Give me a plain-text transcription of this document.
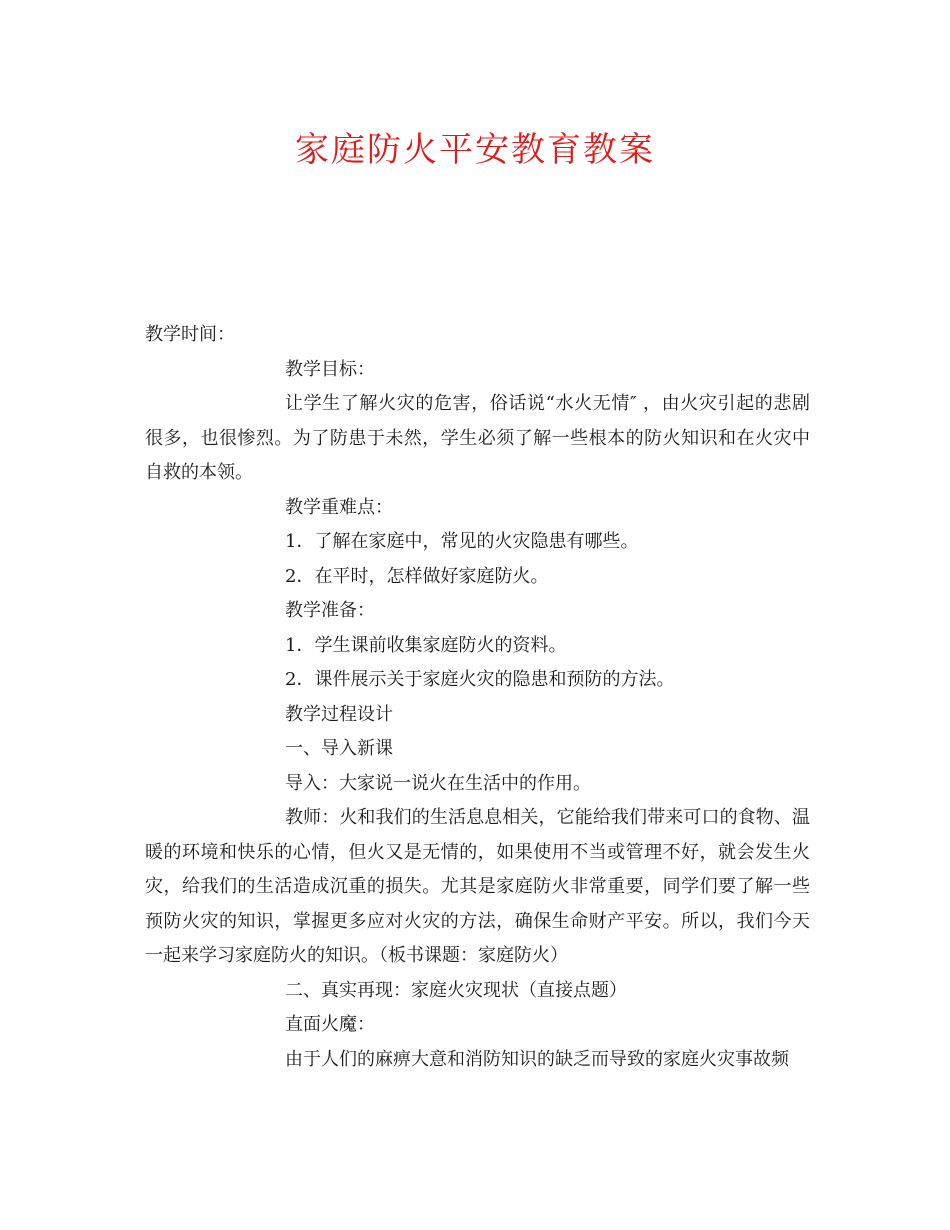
家庭防火平安教育教案
教学时间：
教学目标：

让学生了解火灾的危害，俗话说“水火无情″ ，由火灾引起的悲剧很多，也很惨烈。为了防患于未然，学生必须了解一些根本的防火知识和在火灾中自救的本领。

教学重难点：
1．了解在家庭中，常见的火灾隐患有哪些。
2．在平时，怎样做好家庭防火。
教学准备：
1．学生课前收集家庭防火的资料。
2．课件展示关于家庭火灾的隐患和预防的方法。
教学过程设计
一、导入新课
导入：大家说一说火在生活中的作用。

教师：火和我们的生活息息相关，它能给我们带来可口的食物、温暖的环境和快乐的心情，但火又是无情的，如果使用不当或管理不好，就会发生火灾，给我们的生活造成沉重的损失。尤其是家庭防火非常重要，同学们要了解一些预防火灾的知识，掌握更多应对火灾的方法，确保生命财产平安。所以，我们今天一起来学习家庭防火的知识。（板书课题：家庭防火）

二、真实再现：家庭火灾现状（直接点题）
直面火魔：
由于人们的麻痹大意和消防知识的缺乏而导致的家庭火灾事故频
